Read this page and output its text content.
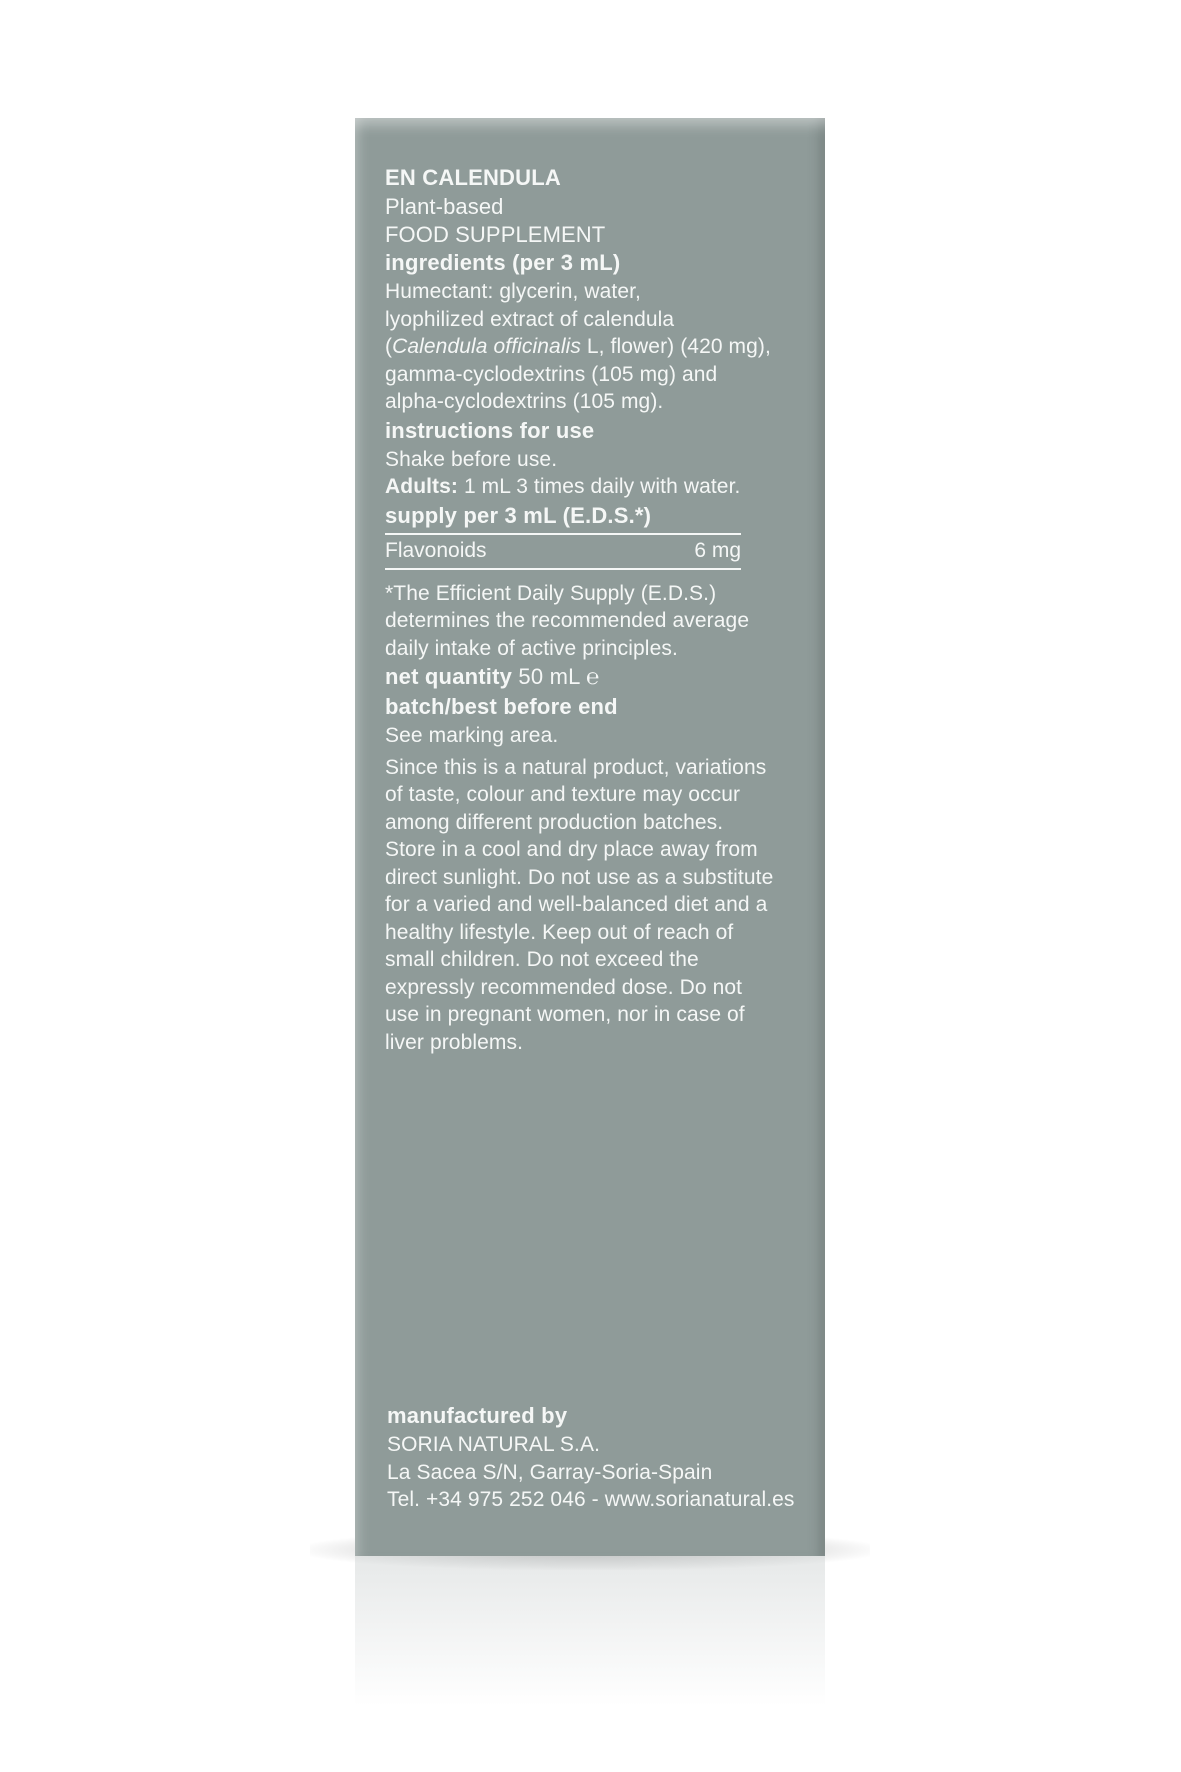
EN CALENDULA
Plant-based
FOOD SUPPLEMENT
ingredients (per 3 mL)
Humectant: glycerin, water,
lyophilized extract of calendula
(Calendula officinalis L, flower) (420 mg),
gamma-cyclodextrins (105 mg) and
alpha-cyclodextrins (105 mg).
instructions for use
Shake before use.
Adults: 1 mL 3 times daily with water.
supply per 3 mL (E.D.S.*)
Flavonoids	6 mg
*The Efficient Daily Supply (E.D.S.)
determines the recommended average
daily intake of active principles.
net quantity 50 mL ℮
batch/best before end
See marking area.
Since this is a natural product, variations
of taste, colour and texture may occur
among different production batches.
Store in a cool and dry place away from
direct sunlight. Do not use as a substitute
for a varied and well-balanced diet and a
healthy lifestyle. Keep out of reach of
small children. Do not exceed the
expressly recommended dose. Do not
use in pregnant women, nor in case of
liver problems.
manufactured by
SORIA NATURAL S.A.
La Sacea S/N, Garray-Soria-Spain
Tel. +34 975 252 046 - www.sorianatural.es
